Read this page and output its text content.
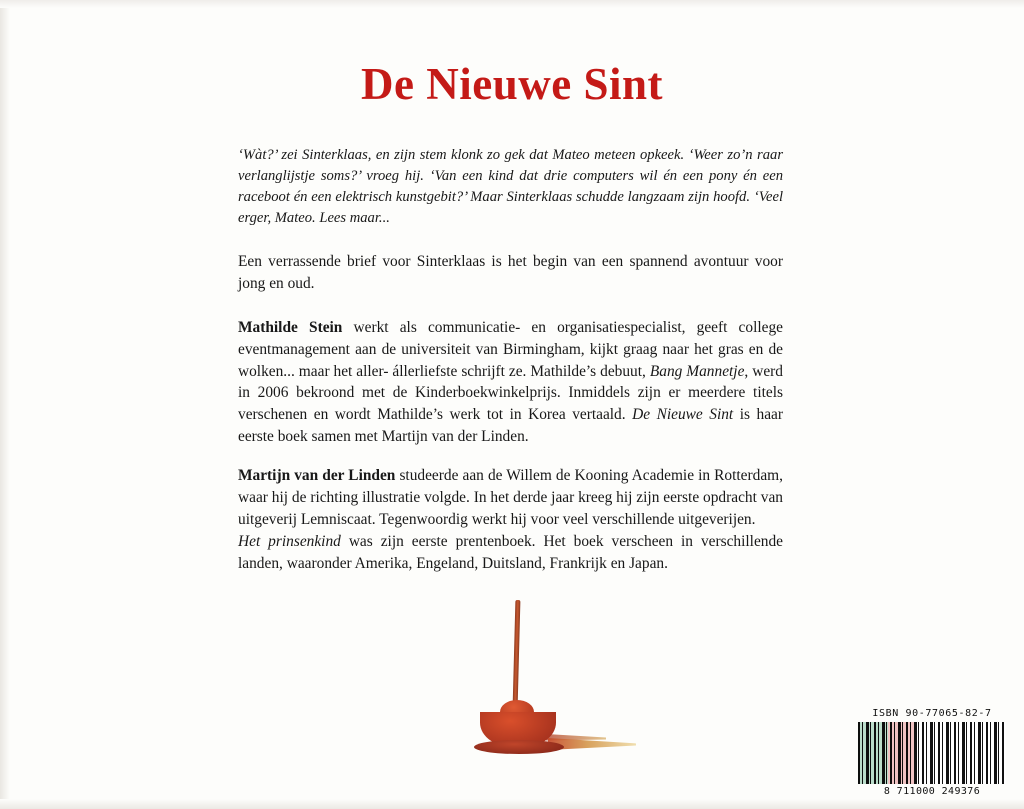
De Nieuwe Sint

‘Wàt?’ zei Sinterklaas, en zijn stem klonk zo gek dat Mateo meteen opkeek. ‘Weer zo’n raar verlanglijstje soms?’ vroeg hij. ‘Van een kind dat drie computers wil én een pony én een raceboot én een elektrisch kunstgebit?’ Maar Sinterklaas schudde langzaam zijn hoofd. ‘Veel erger, Mateo. Lees maar...

Een verrassende brief voor Sinterklaas is het begin van een spannend avontuur voor jong en oud.

Mathilde Stein werkt als communicatie- en organisatiespecialist, geeft college eventmanagement aan de universiteit van Birmingham, kijkt graag naar het gras en de wolken... maar het aller- állerliefste schrijft ze. Mathilde’s debuut, Bang Mannetje, werd in 2006 bekroond met de Kinderboekwinkelprijs. Inmiddels zijn er meerdere titels verschenen en wordt Mathilde’s werk tot in Korea vertaald. De Nieuwe Sint is haar eerste boek samen met Martijn van der Linden.

Martijn van der Linden studeerde aan de Willem de Kooning Academie in Rotterdam, waar hij de richting illustratie volgde. In het derde jaar kreeg hij zijn eerste opdracht van uitgeverij Lemniscaat. Tegenwoordig werkt hij voor veel verschillende uitgeverijen.

Het prinsenkind was zijn eerste prentenboek. Het boek verscheen in verschillende landen, waaronder Amerika, Engeland, Duitsland, Frankrijk en Japan.

ISBN 90-77065-82-7
8 711000 249376
